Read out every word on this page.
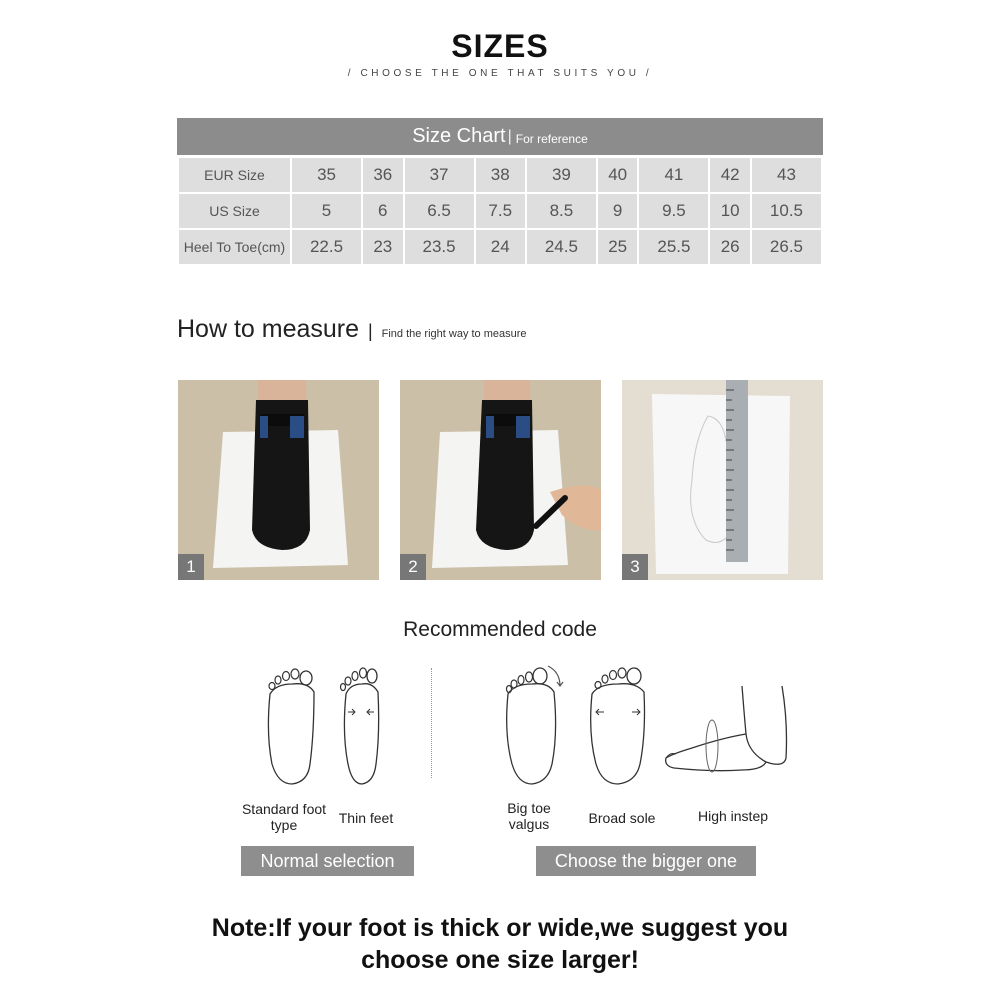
SIZES
/ CHOOSE THE ONE THAT SUITS YOU /
Size Chart | For reference
EUR Size	35	36	37	38	39	40	41	42	43
US Size	5	6	6.5	7.5	8.5	9	9.5	10	10.5
Heel To Toe(cm)	22.5	23	23.5	24	24.5	25	25.5	26	26.5
How to measure | Find the right way to measure
1	2	3
Recommended code
Standard foot type	Thin feet
Big toe valgus	Broad sole	High instep
Normal selection	Choose the bigger one
Note:If your foot is thick or wide,we suggest you
choose one size larger!
